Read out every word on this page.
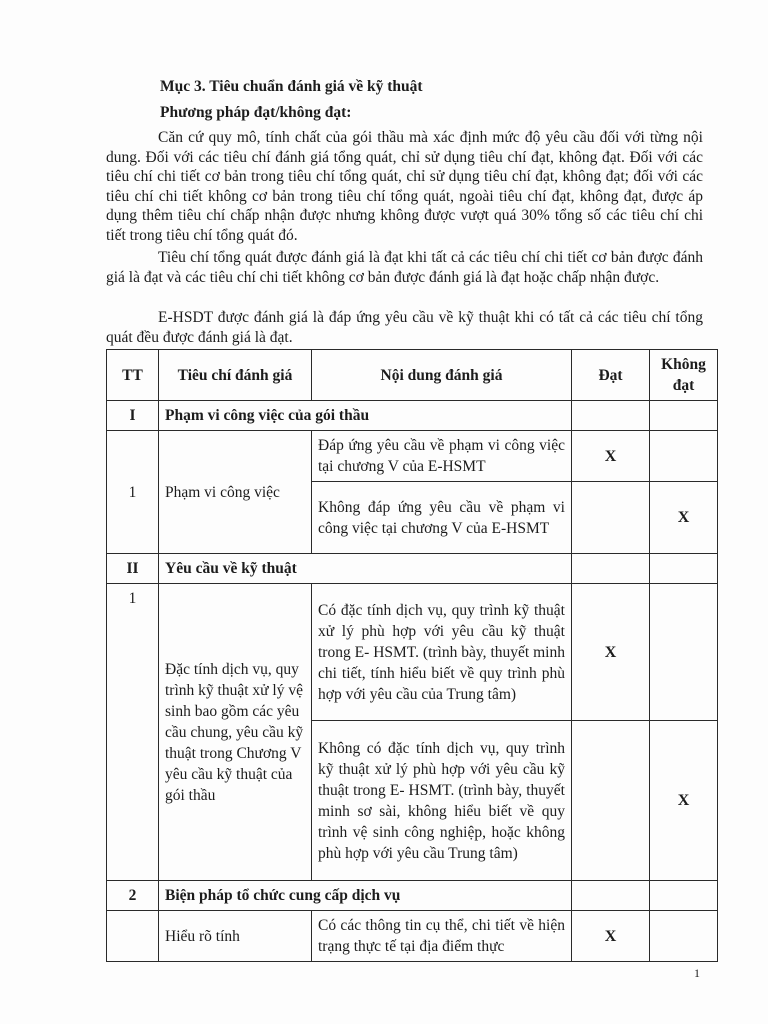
Mục 3. Tiêu chuẩn đánh giá về kỹ thuật
Phương pháp đạt/không đạt:

Căn cứ quy mô, tính chất của gói thầu mà xác định mức độ yêu cầu đối với từng nội dung. Đối với các tiêu chí đánh giá tổng quát, chỉ sử dụng tiêu chí đạt, không đạt. Đối với các tiêu chí chi tiết cơ bản trong tiêu chí tổng quát, chỉ sử dụng tiêu chí đạt, không đạt; đối với các tiêu chí chi tiết không cơ bản trong tiêu chí tổng quát, ngoài tiêu chí đạt, không đạt, được áp dụng thêm tiêu chí chấp nhận được nhưng không được vượt quá 30% tổng số các tiêu chí chi tiết trong tiêu chí tổng quát đó.

Tiêu chí tổng quát được đánh giá là đạt khi tất cả các tiêu chí chi tiết cơ bản được đánh giá là đạt và các tiêu chí chi tiết không cơ bản được đánh giá là đạt hoặc chấp nhận được.

E-HSDT được đánh giá là đáp ứng yêu cầu về kỹ thuật khi có tất cả các tiêu chí tổng quát đều được đánh giá là đạt.

TT	Tiêu chí đánh giá	Nội dung đánh giá	Đạt	Không đạt
I	Phạm vi công việc của gói thầu			
1	Phạm vi công việc	Đáp ứng yêu cầu về phạm vi công việc tại chương V của E-HSMT	X	
		Không đáp ứng yêu cầu về phạm vi công việc tại chương V của E-HSMT		X
II	Yêu cầu về kỹ thuật			
1	Đặc tính dịch vụ, quy trình kỹ thuật xử lý vệ sinh bao gồm các yêu cầu chung, yêu cầu kỹ thuật trong Chương V yêu cầu kỹ thuật của gói thầu	Có đặc tính dịch vụ, quy trình kỹ thuật xử lý phù hợp với yêu cầu kỹ thuật trong E- HSMT. (trình bày, thuyết minh chi tiết, tính hiểu biết về quy trình phù hợp với yêu cầu của Trung tâm)	X	
		Không có đặc tính dịch vụ, quy trình kỹ thuật xử lý phù hợp với yêu cầu kỹ thuật trong E- HSMT. (trình bày, thuyết minh sơ sài, không hiểu biết về quy trình vệ sinh công nghiệp, hoặc không phù hợp với yêu cầu Trung tâm)		X
2	Biện pháp tổ chức cung cấp dịch vụ			
	Hiểu rõ tính	Có các thông tin cụ thể, chi tiết về hiện trạng thực tế tại địa điểm thực	X	
1
